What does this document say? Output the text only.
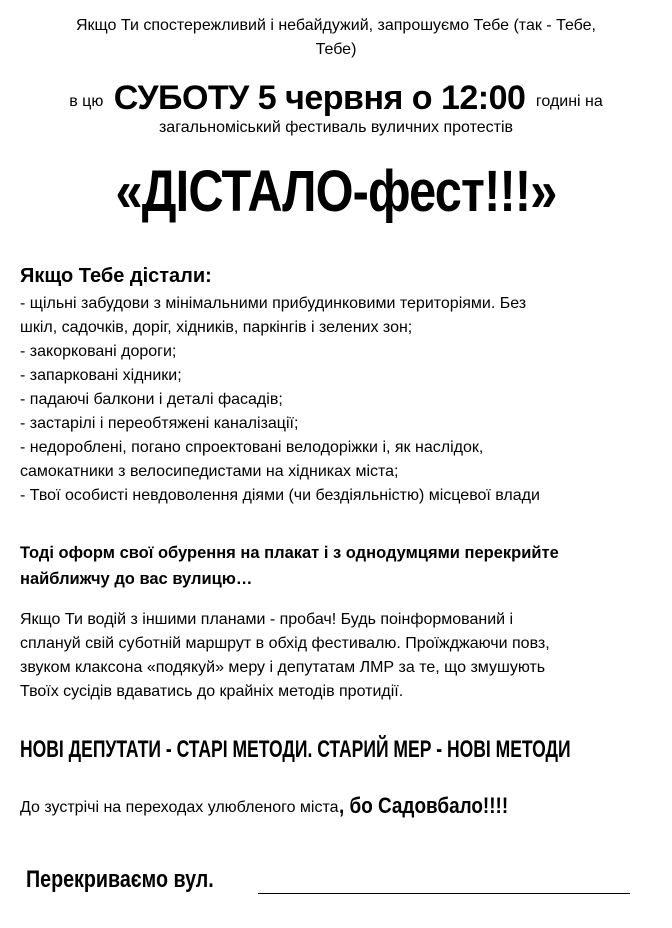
Якщо Ти спостережливий і небайдужий, запрошуємо Тебе (так - Тебе,
Тебе)
в цю СУБОТУ 5 червня о 12:00 годині на
загальноміський фестиваль вуличних протестів
«ДІСТАЛО-фест!!!»
Якщо Тебе дістали:
- щільні забудови з мінімальними прибудинковими територіями. Без
шкіл, садочків, доріг, хідників, паркінгів і зелених зон;
- закорковані дороги;
- запарковані хідники;
- падаючі балкони і деталі фасадів;
- застарілі і переобтяжені каналізації;
- недороблені, погано спроектовані велодоріжки і, як наслідок,
самокатники з велосипедистами на хідниках міста;
- Твої особисті невдоволення діями (чи бездіяльністю) місцевої влади
Тоді оформ свої обурення на плакат і з однодумцями перекрийте
найближчу до вас вулицю…
Якщо Ти водій з іншими планами - пробач! Будь поінформований і
сплануй свій суботній маршрут в обхід фестивалю. Проїжджаючи повз,
звуком клаксона «подякуй» меру і депутатам ЛМР за те, що змушують
Твоїх сусідів вдаватись до крайніх методів протидії.
НОВІ ДЕПУТАТИ - СТАРІ МЕТОДИ. СТАРИЙ МЕР - НОВІ МЕТОДИ
До зустрічі на переходах улюбленого міста, бо Садовбало!!!!
Перекриваємо вул.
